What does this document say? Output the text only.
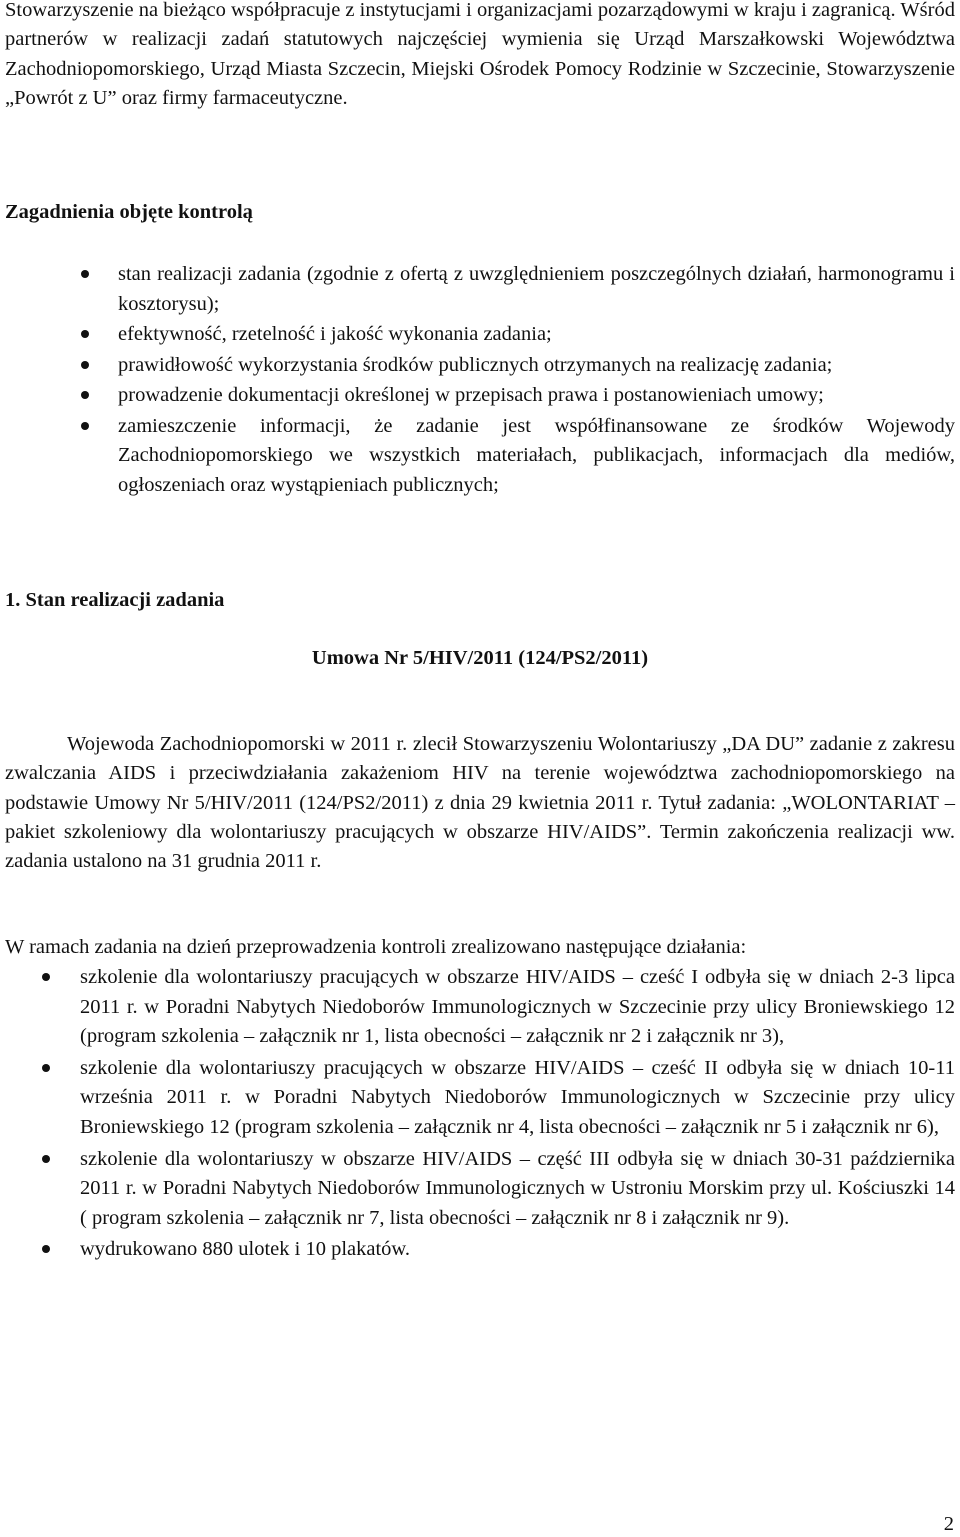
Stowarzyszenie na bieżąco współpracuje z instytucjami i organizacjami pozarządowymi w kraju i zagranicą. Wśród partnerów w realizacji zadań statutowych najczęściej wymienia się Urząd Marszałkowski Województwa Zachodniopomorskiego, Urząd Miasta Szczecin, Miejski Ośrodek Pomocy Rodzinie w Szczecinie, Stowarzyszenie „Powrót z U” oraz firmy farmaceutyczne.

Zagadnienia objęte kontrolą
stan realizacji zadania (zgodnie z ofertą z uwzględnieniem poszczególnych działań, harmonogramu i kosztorysu);
efektywność, rzetelność i jakość wykonania zadania;
prawidłowość wykorzystania środków publicznych otrzymanych na realizację zadania;
prowadzenie dokumentacji określonej w przepisach prawa i postanowieniach umowy;
zamieszczenie informacji, że zadanie jest współfinansowane ze środków Wojewody Zachodniopomorskiego we wszystkich materiałach, publikacjach, informacjach dla mediów, ogłoszeniach oraz wystąpieniach publicznych;
1. Stan realizacji zadania
Umowa Nr 5/HIV/2011 (124/PS2/2011)

Wojewoda Zachodniopomorski w 2011 r. zlecił Stowarzyszeniu Wolontariuszy „DA DU” zadanie z zakresu zwalczania AIDS i przeciwdziałania zakażeniom HIV na terenie województwa zachodniopomorskiego na podstawie Umowy Nr 5/HIV/2011 (124/PS2/2011) z dnia 29 kwietnia 2011 r. Tytuł zadania: „WOLONTARIAT – pakiet szkoleniowy dla wolontariuszy pracujących w obszarze HIV/AIDS”. Termin zakończenia realizacji ww. zadania ustalono na 31 grudnia 2011 r.

W ramach zadania na dzień przeprowadzenia kontroli zrealizowano następujące działania:

szkolenie dla wolontariuszy pracujących w obszarze HIV/AIDS – cześć I odbyła się w dniach 2-3 lipca 2011 r. w Poradni Nabytych Niedoborów Immunologicznych w Szczecinie przy ulicy Broniewskiego 12 (program szkolenia – załącznik nr 1, lista obecności – załącznik nr 2 i załącznik nr 3),
szkolenie dla wolontariuszy pracujących w obszarze HIV/AIDS – cześć II odbyła się w dniach 10-11 września 2011 r. w Poradni Nabytych Niedoborów Immunologicznych w Szczecinie przy ulicy Broniewskiego 12 (program szkolenia – załącznik nr 4, lista obecności – załącznik nr 5 i załącznik nr 6),
szkolenie dla wolontariuszy w obszarze HIV/AIDS – część III odbyła się w dniach 30-31 października 2011 r. w Poradni Nabytych Niedoborów Immunologicznych w Ustroniu Morskim przy ul. Kościuszki 14 ( program szkolenia – załącznik nr 7, lista obecności – załącznik nr 8 i załącznik nr 9).
wydrukowano 880 ulotek i 10 plakatów.
2
